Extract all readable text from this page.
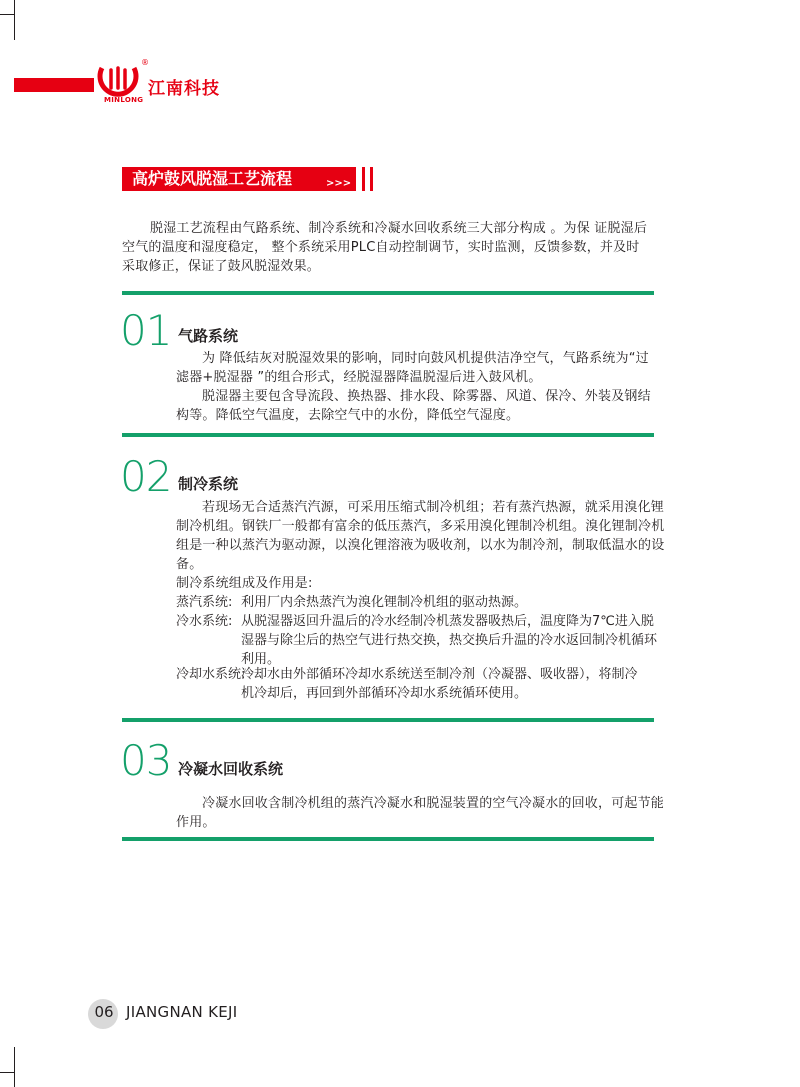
MINLONG
®
江南科技
高炉鼓风脱湿工艺流程	>>>
脱湿工艺流程由气路系统、制冷系统和冷凝水回收系统三大部分构成 。为保 证脱湿后
空气的温度和湿度稳定， 整个系统采用PLC自动控制调节，实时监测，反馈参数，并及时
采取修正，保证了鼓风脱湿效果。
01 气路系统
为 降低结灰对脱湿效果的影响，同时向鼓风机提供洁净空气，气路系统为“过
滤器+脱湿器 ”的组合形式，经脱湿器降温脱湿后进入鼓风机。
脱湿器主要包含导流段、换热器、排水段、除雾器、风道、保冷、外装及钢结
构等。降低空气温度，去除空气中的水份，降低空气湿度。
02 制冷系统
若现场无合适蒸汽汽源，可采用压缩式制冷机组；若有蒸汽热源，就采用溴化锂
制冷机组。钢铁厂一般都有富余的低压蒸汽，多采用溴化锂制冷机组。溴化锂制冷机
组是一种以蒸汽为驱动源，以溴化锂溶液为吸收剂，以水为制冷剂，制取低温水的设
备。
制冷系统组成及作用是:
蒸汽系统: 利用厂内余热蒸汽为溴化锂制冷机组的驱动热源。
冷水系统: 从脱湿器返回升温后的冷水经制冷机蒸发器吸热后，温度降为7℃进入脱
湿器与除尘后的热空气进行热交换，热交换后升温的冷水返回制冷机循环
利用。
冷却水系统:
冷却水由外部循环冷却水系统送至制冷剂（冷凝器、吸收器），将制冷
机冷却后，再回到外部循环冷却水系统循环使用。
03 冷凝水回收系统
冷凝水回收含制冷机组的蒸汽冷凝水和脱湿装置的空气冷凝水的回收，可起节能
作用。
06 JIANGNAN KEJI
